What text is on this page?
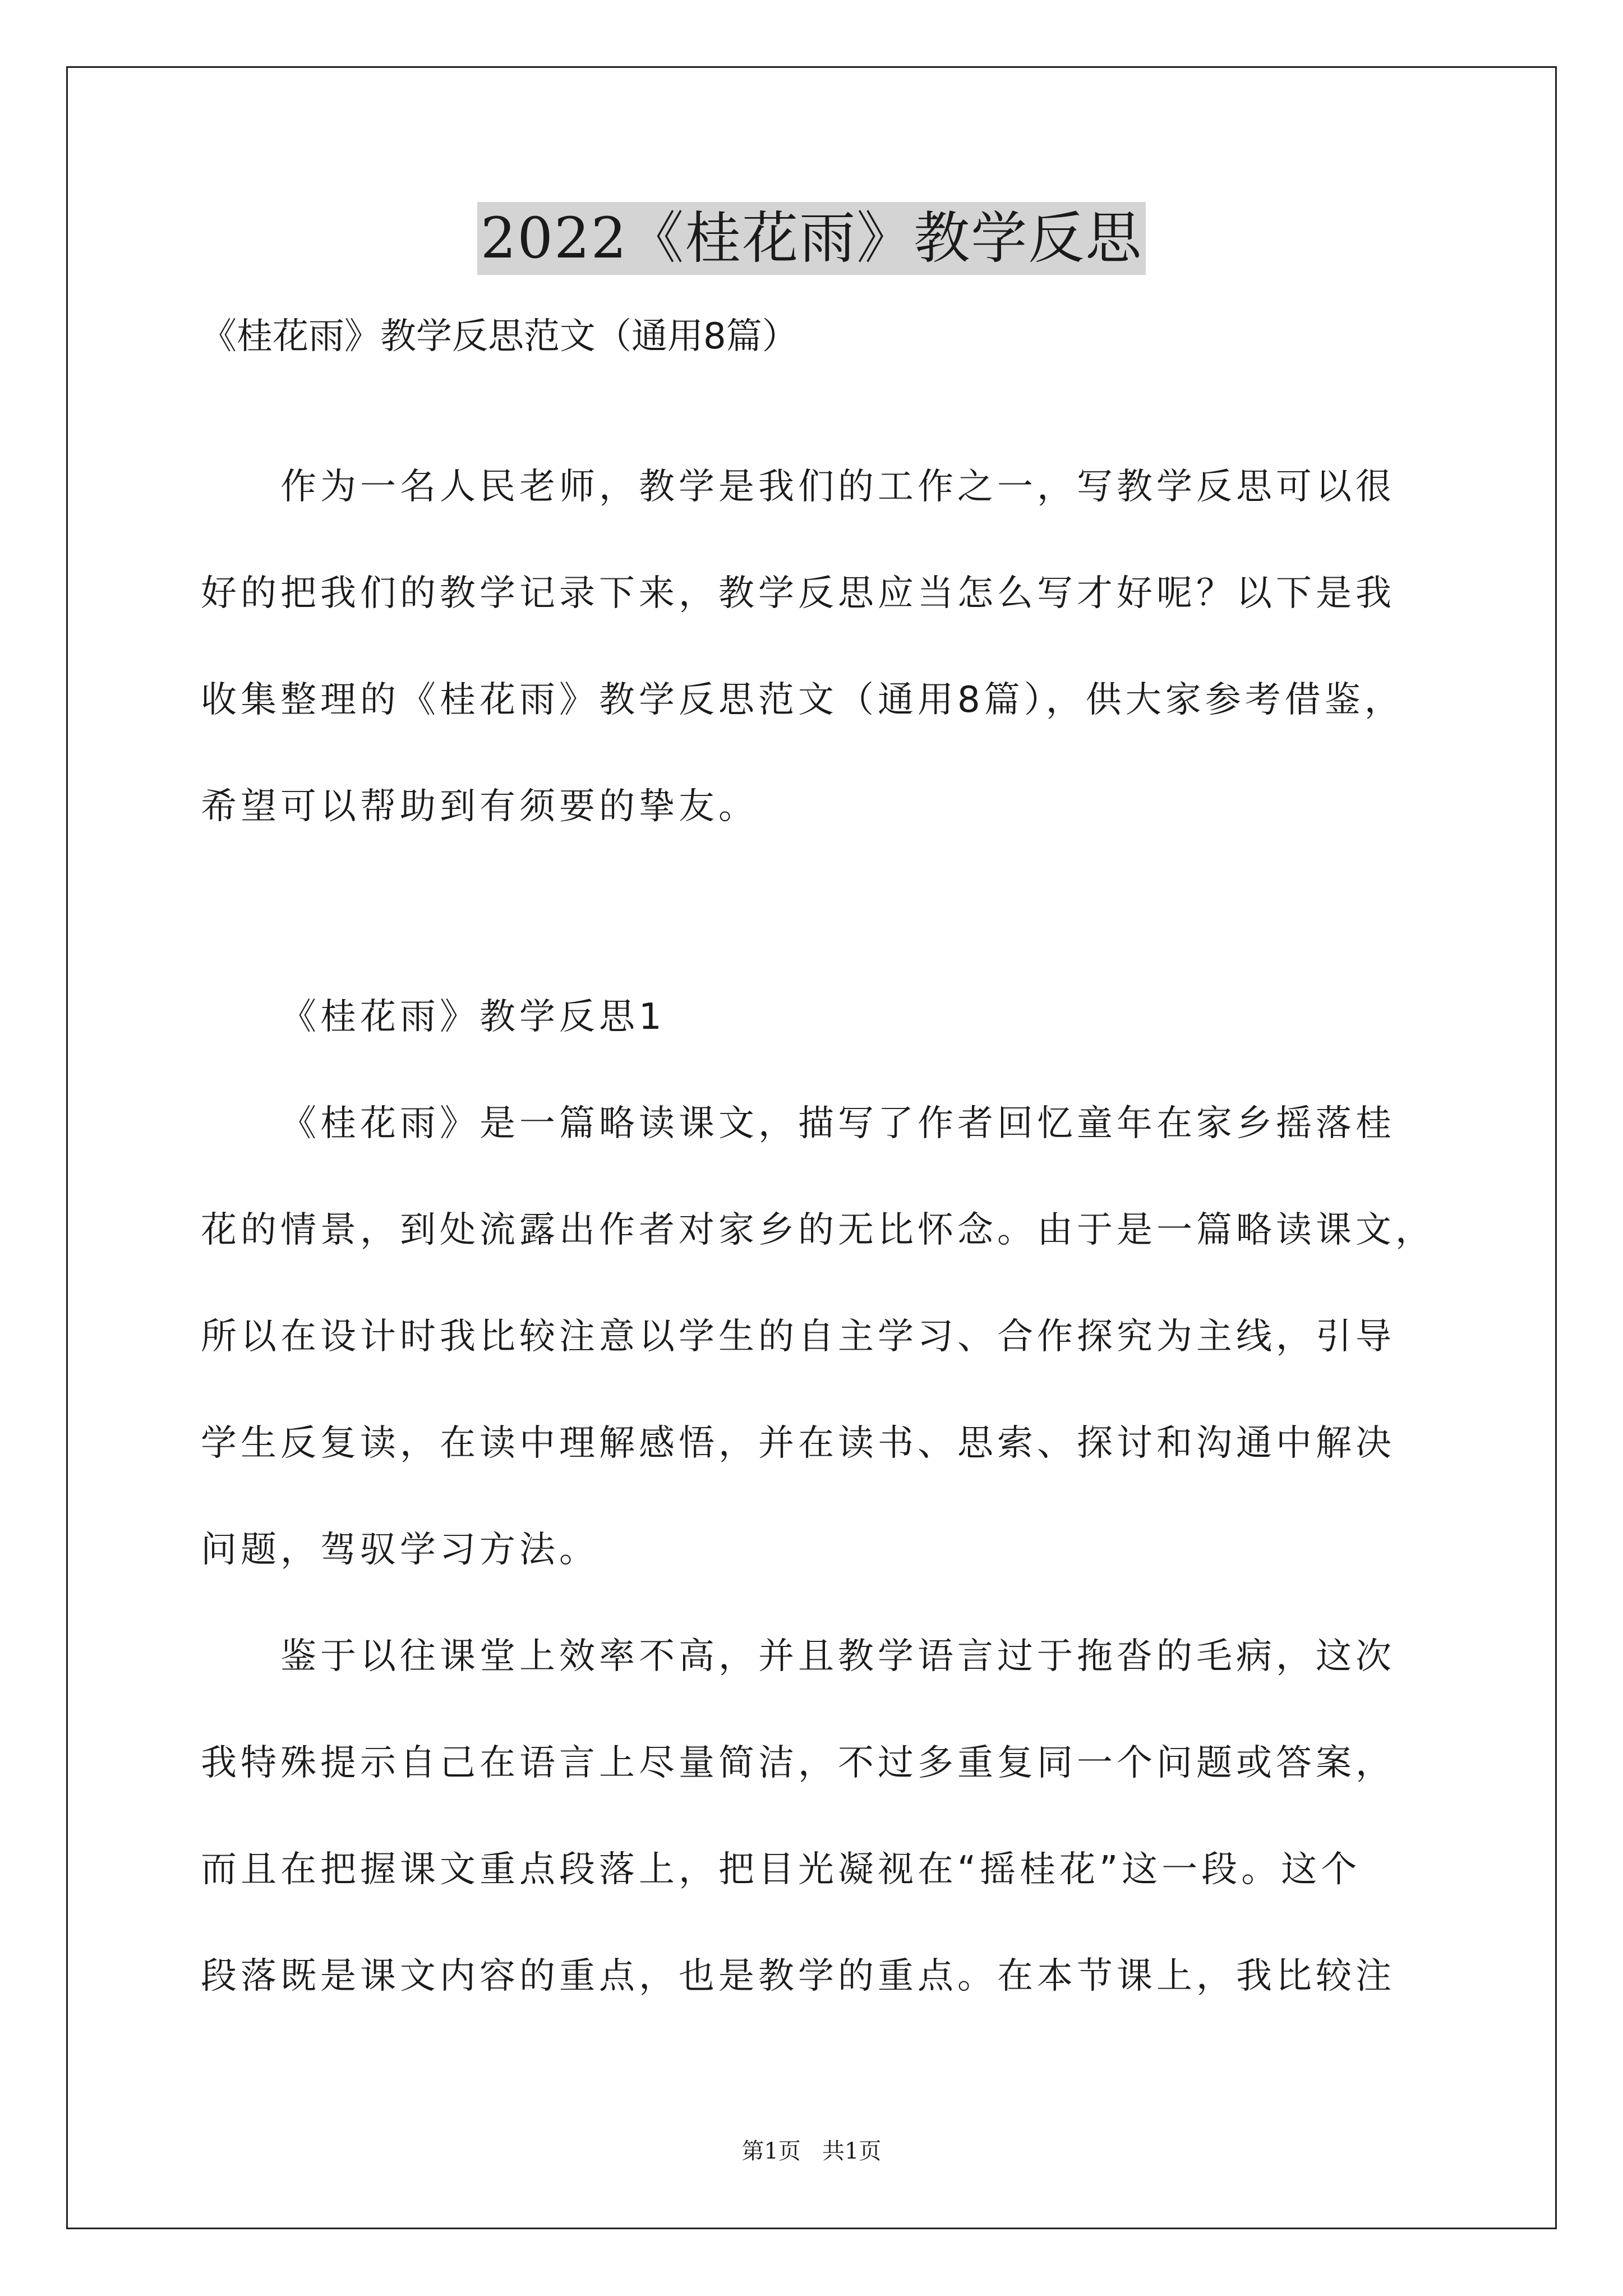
2022《桂花雨》教学反思
《桂花雨》教学反思范文（通用8篇）
作为一名人民老师，教学是我们的工作之一，写教学反思可以很
好的把我们的教学记录下来，教学反思应当怎么写才好呢？以下是我
收集整理的《桂花雨》教学反思范文（通用8篇），供大家参考借鉴，
希望可以帮助到有须要的挚友。
《桂花雨》教学反思1
《桂花雨》是一篇略读课文，描写了作者回忆童年在家乡摇落桂
花的情景，到处流露出作者对家乡的无比怀念。由于是一篇略读课文，
所以在设计时我比较注意以学生的自主学习、合作探究为主线，引导
学生反复读，在读中理解感悟，并在读书、思索、探讨和沟通中解决
问题，驾驭学习方法。
鉴于以往课堂上效率不高，并且教学语言过于拖沓的毛病，这次
我特殊提示自己在语言上尽量简洁，不过多重复同一个问题或答案，
而且在把握课文重点段落上，把目光凝视在“摇桂花”这一段。这个
段落既是课文内容的重点，也是教学的重点。在本节课上，我比较注
第1页   共1页
